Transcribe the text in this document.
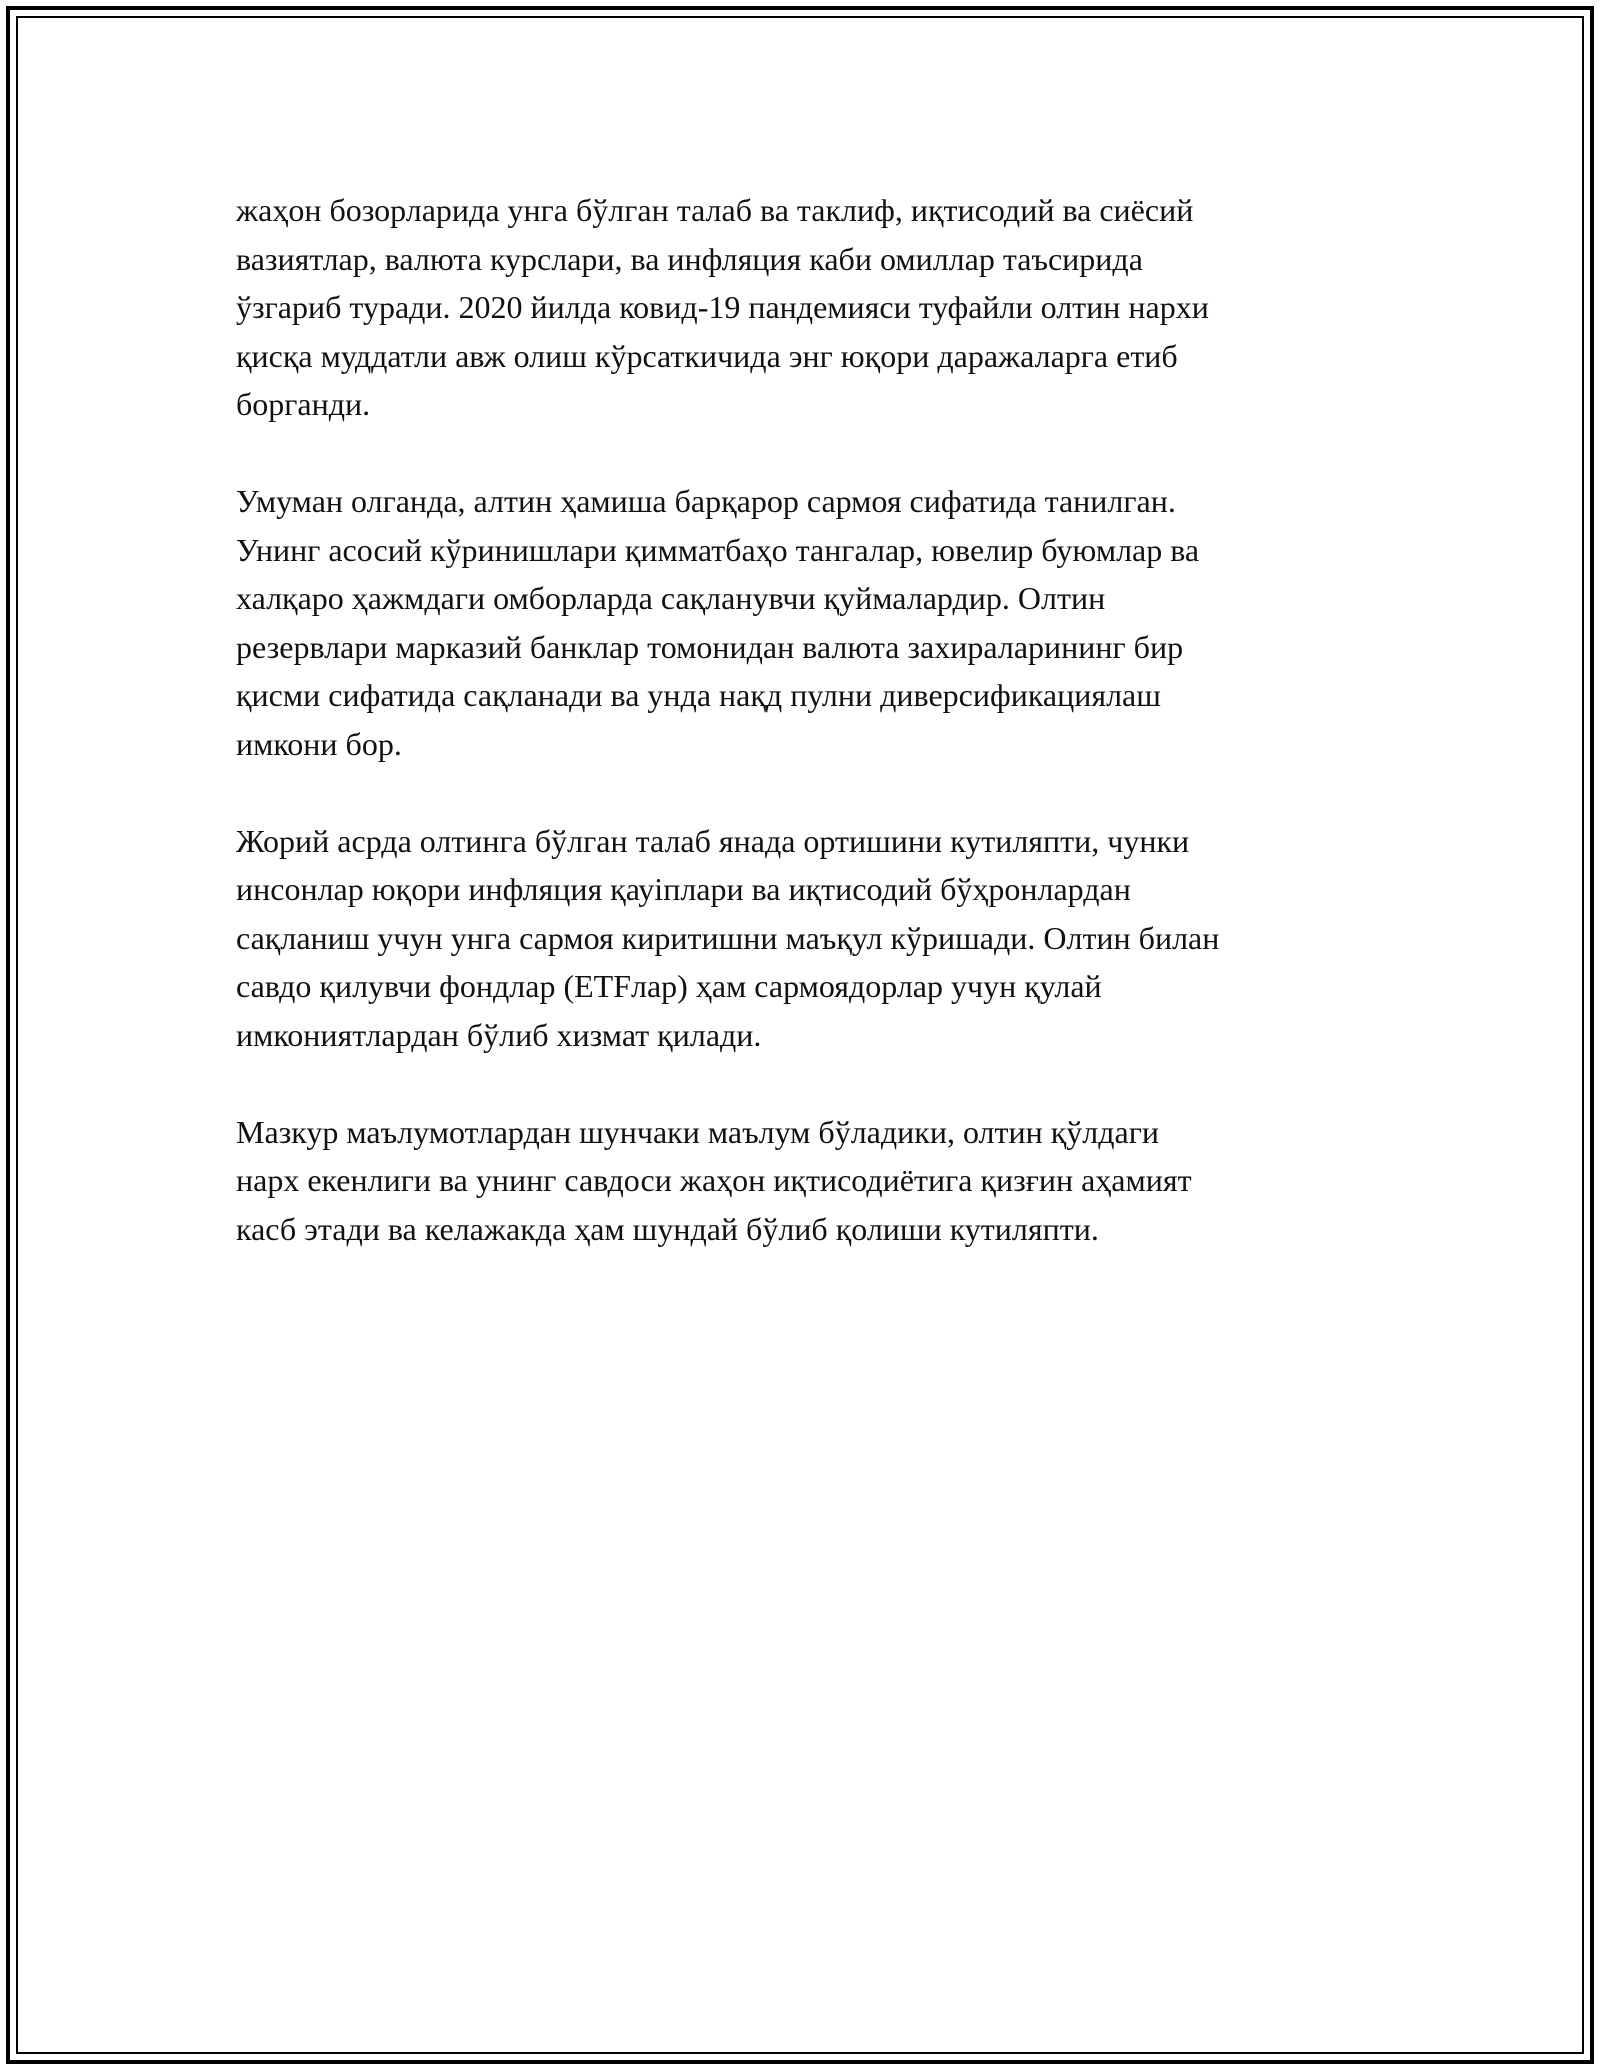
жаҳон бозорларида унга бўлган талаб ва таклиф, иқтисодий ва сиёсий
вазиятлар, валюта курслари, ва инфляция каби омиллар таъсирида
ўзгариб туради. 2020 йилда ковид-19 пандемияси туфайли олтин нархи
қисқа муддатли авж олиш кўрсаткичида энг юқори даражаларга етиб
борганди.

Умуман олганда, алтин ҳамиша барқарор сармоя сифатида танилган.
Унинг асосий кўринишлари қимматбаҳо тангалар, ювелир буюмлар ва
халқаро ҳажмдаги омборларда сақланувчи қуймалардир. Олтин
резервлари марказий банклар томонидан валюта захираларининг бир
қисми сифатида сақланади ва унда нақд пулни диверсификациялаш
имкони бор.

Жорий асрда олтинга бўлган талаб янада ортишини кутиляпти, чунки
инсонлар юқори инфляция қауіплари ва иқтисодий бўҳронлардан
сақланиш учун унга сармоя киритишни маъқул кўришади. Олтин билан
савдо қилувчи фондлар (ETFлар) ҳам сармоядорлар учун қулай
имкониятлардан бўлиб хизмат қилади.

Мазкур маълумотлардан шунчаки маълум бўладики, олтин қўлдаги
нарх екенлиги ва унинг савдоси жаҳон иқтисодиётига қизғин аҳамият
касб этади ва келажакда ҳам шундай бўлиб қолиши кутиляпти.
